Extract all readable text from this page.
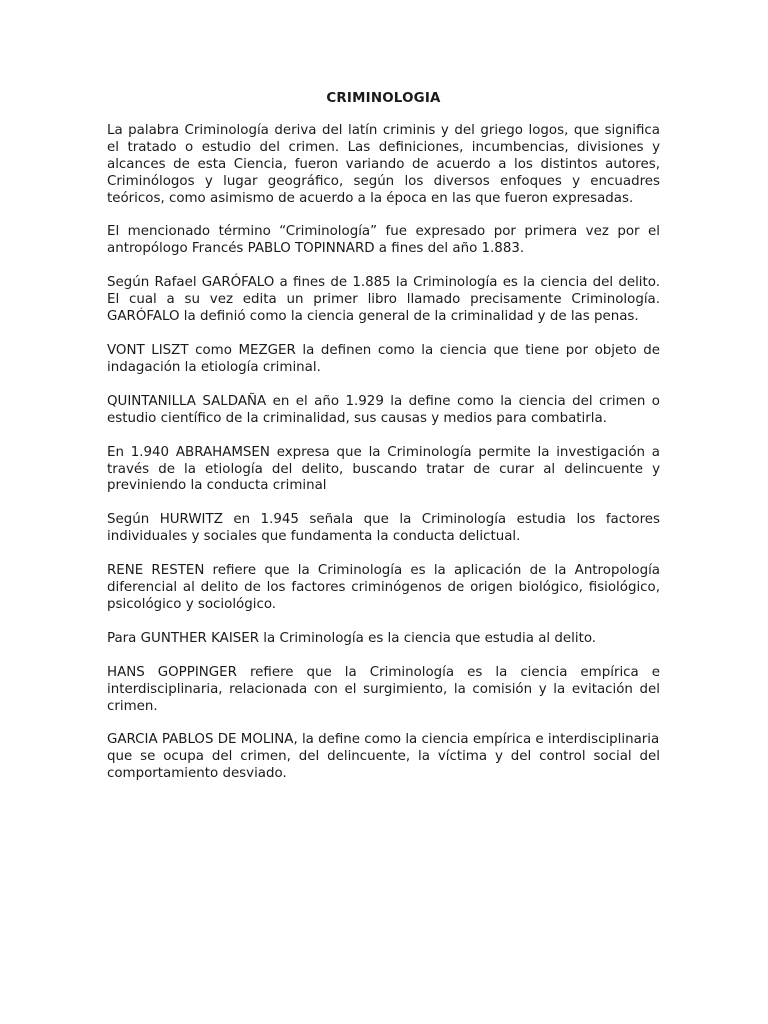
CRIMINOLOGIA

La palabra Criminología deriva del latín criminis y del griego logos, que significa el tratado o estudio del crimen. Las definiciones, incumbencias, divisiones y alcances de esta Ciencia, fueron variando de acuerdo a los distintos autores, Criminólogos y lugar geográfico, según los diversos enfoques y encuadres teóricos, como asimismo de acuerdo a la época en las que fueron expresadas.

El mencionado término “Criminología” fue expresado por primera vez por el antropólogo Francés PABLO TOPINNARD a fines del año 1.883.

Según Rafael GARÓFALO a fines de 1.885 la Criminología es la ciencia del delito. El cual a su vez edita un primer libro llamado precisamente Criminología. GARÓFALO la definió como la ciencia general de la criminalidad y de las penas.

VONT LISZT como MEZGER la definen como la ciencia que tiene por objeto de indagación la etiología criminal.

QUINTANILLA SALDAÑA en el año 1.929 la define como la ciencia del crimen o estudio científico de la criminalidad, sus causas y medios para combatirla.

En 1.940 ABRAHAMSEN expresa que la Criminología permite la investigación a través de la etiología del delito, buscando tratar de curar al delincuente y previniendo la conducta criminal

Según HURWITZ en 1.945 señala que la Criminología estudia los factores individuales y sociales que fundamenta la conducta delictual.

RENE RESTEN refiere que la Criminología es la aplicación de la Antropología diferencial al delito de los factores criminógenos de origen biológico, fisiológico, psicológico y sociológico.

Para GUNTHER KAISER la Criminología es la ciencia que estudia al delito.

HANS GOPPINGER refiere que la Criminología es la ciencia empírica e interdisciplinaria, relacionada con el surgimiento, la comisión y la evitación del crimen.

GARCIA PABLOS DE MOLINA, la define como la ciencia empírica e interdisciplinaria
que se ocupa del crimen, del delincuente, la víctima y del control social del comportamiento desviado.
